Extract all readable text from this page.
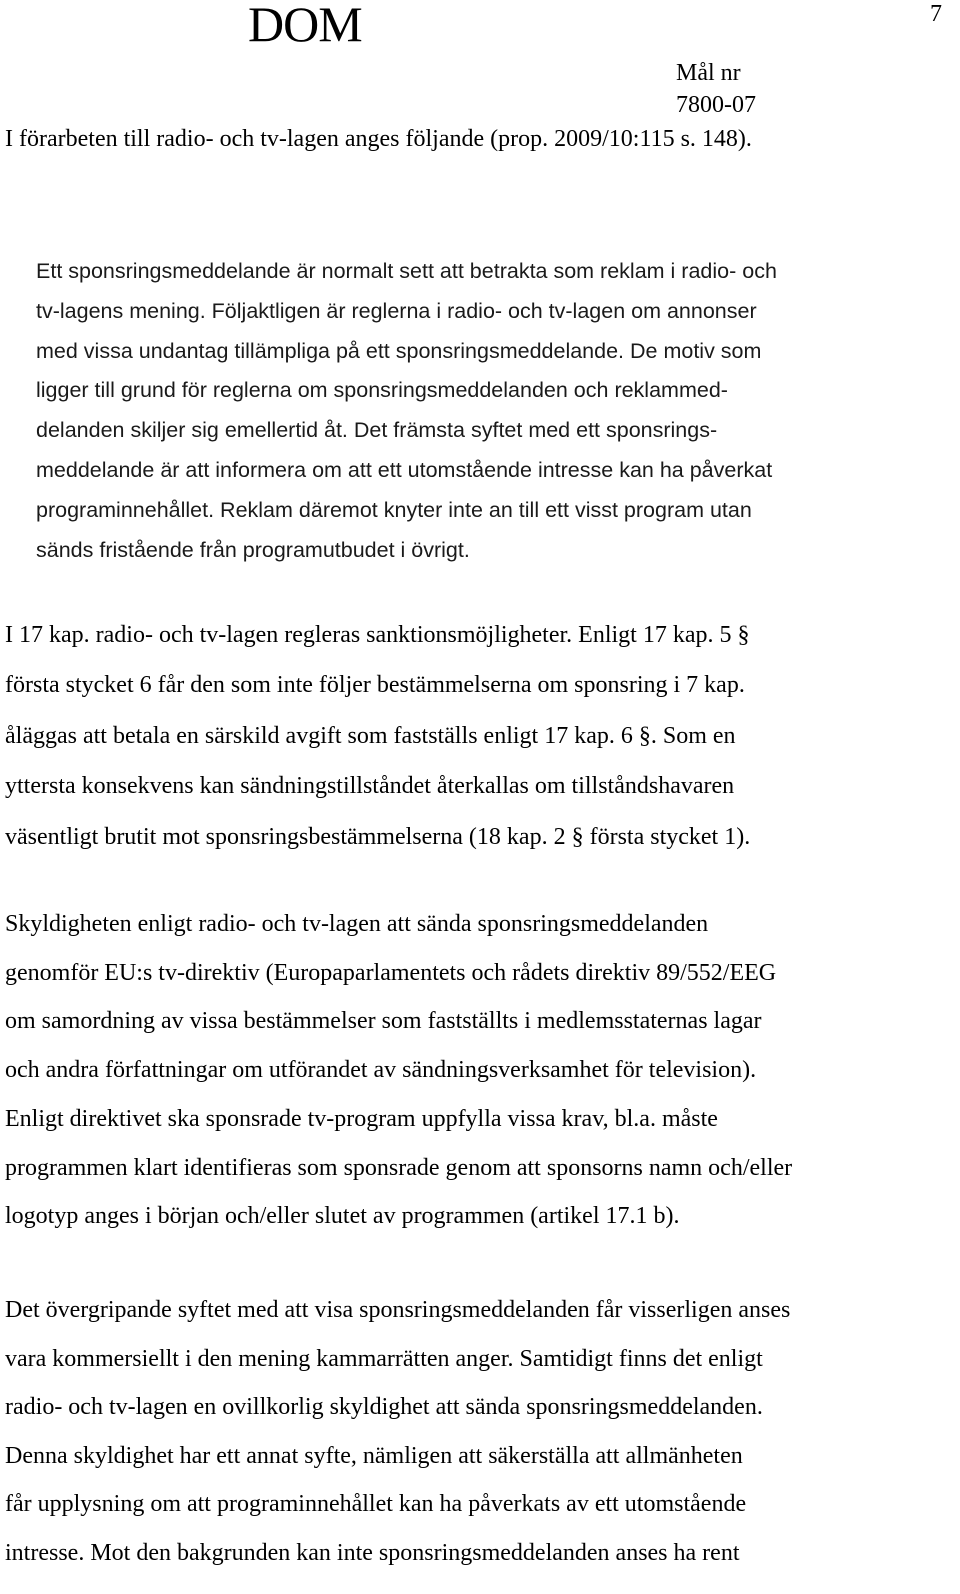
DOM	7
Mål nr
7800-07

I förarbeten till radio- och tv-lagen anges följande (prop. 2009/10:115 s. 148).

Ett sponsringsmeddelande är normalt sett att betrakta som reklam i radio- och
tv-lagens mening. Följaktligen är reglerna i radio- och tv-lagen om annonser
med vissa undantag tillämpliga på ett sponsringsmeddelande. De motiv som
ligger till grund för reglerna om sponsringsmeddelanden och reklammed-
delanden skiljer sig emellertid åt. Det främsta syftet med ett sponsrings-
meddelande är att informera om att ett utomstående intresse kan ha påverkat
programinnehållet. Reklam däremot knyter inte an till ett visst program utan
sänds fristående från programutbudet i övrigt.
I 17 kap. radio- och tv-lagen regleras sanktionsmöjligheter. Enligt 17 kap. 5 §
första stycket 6 får den som inte följer bestämmelserna om sponsring i 7 kap.
åläggas att betala en särskild avgift som fastställs enligt 17 kap. 6 §. Som en
yttersta konsekvens kan sändningstillståndet återkallas om tillståndshavaren
väsentligt brutit mot sponsringsbestämmelserna (18 kap. 2 § första stycket 1).
Skyldigheten enligt radio- och tv-lagen att sända sponsringsmeddelanden
genomför EU:s tv-direktiv (Europaparlamentets och rådets direktiv 89/552/EEG
om samordning av vissa bestämmelser som fastställts i medlemsstaternas lagar
och andra författningar om utförandet av sändningsverksamhet för television).
Enligt direktivet ska sponsrade tv-program uppfylla vissa krav, bl.a. måste
programmen klart identifieras som sponsrade genom att sponsorns namn och/eller
logotyp anges i början och/eller slutet av programmen (artikel 17.1 b).
Det övergripande syftet med att visa sponsringsmeddelanden får visserligen anses
vara kommersiellt i den mening kammarrätten anger. Samtidigt finns det enligt
radio- och tv-lagen en ovillkorlig skyldighet att sända sponsringsmeddelanden.
Denna skyldighet har ett annat syfte, nämligen att säkerställa att allmänheten
får upplysning om att programinnehållet kan ha påverkats av ett utomstående
intresse. Mot den bakgrunden kan inte sponsringsmeddelanden anses ha rent
